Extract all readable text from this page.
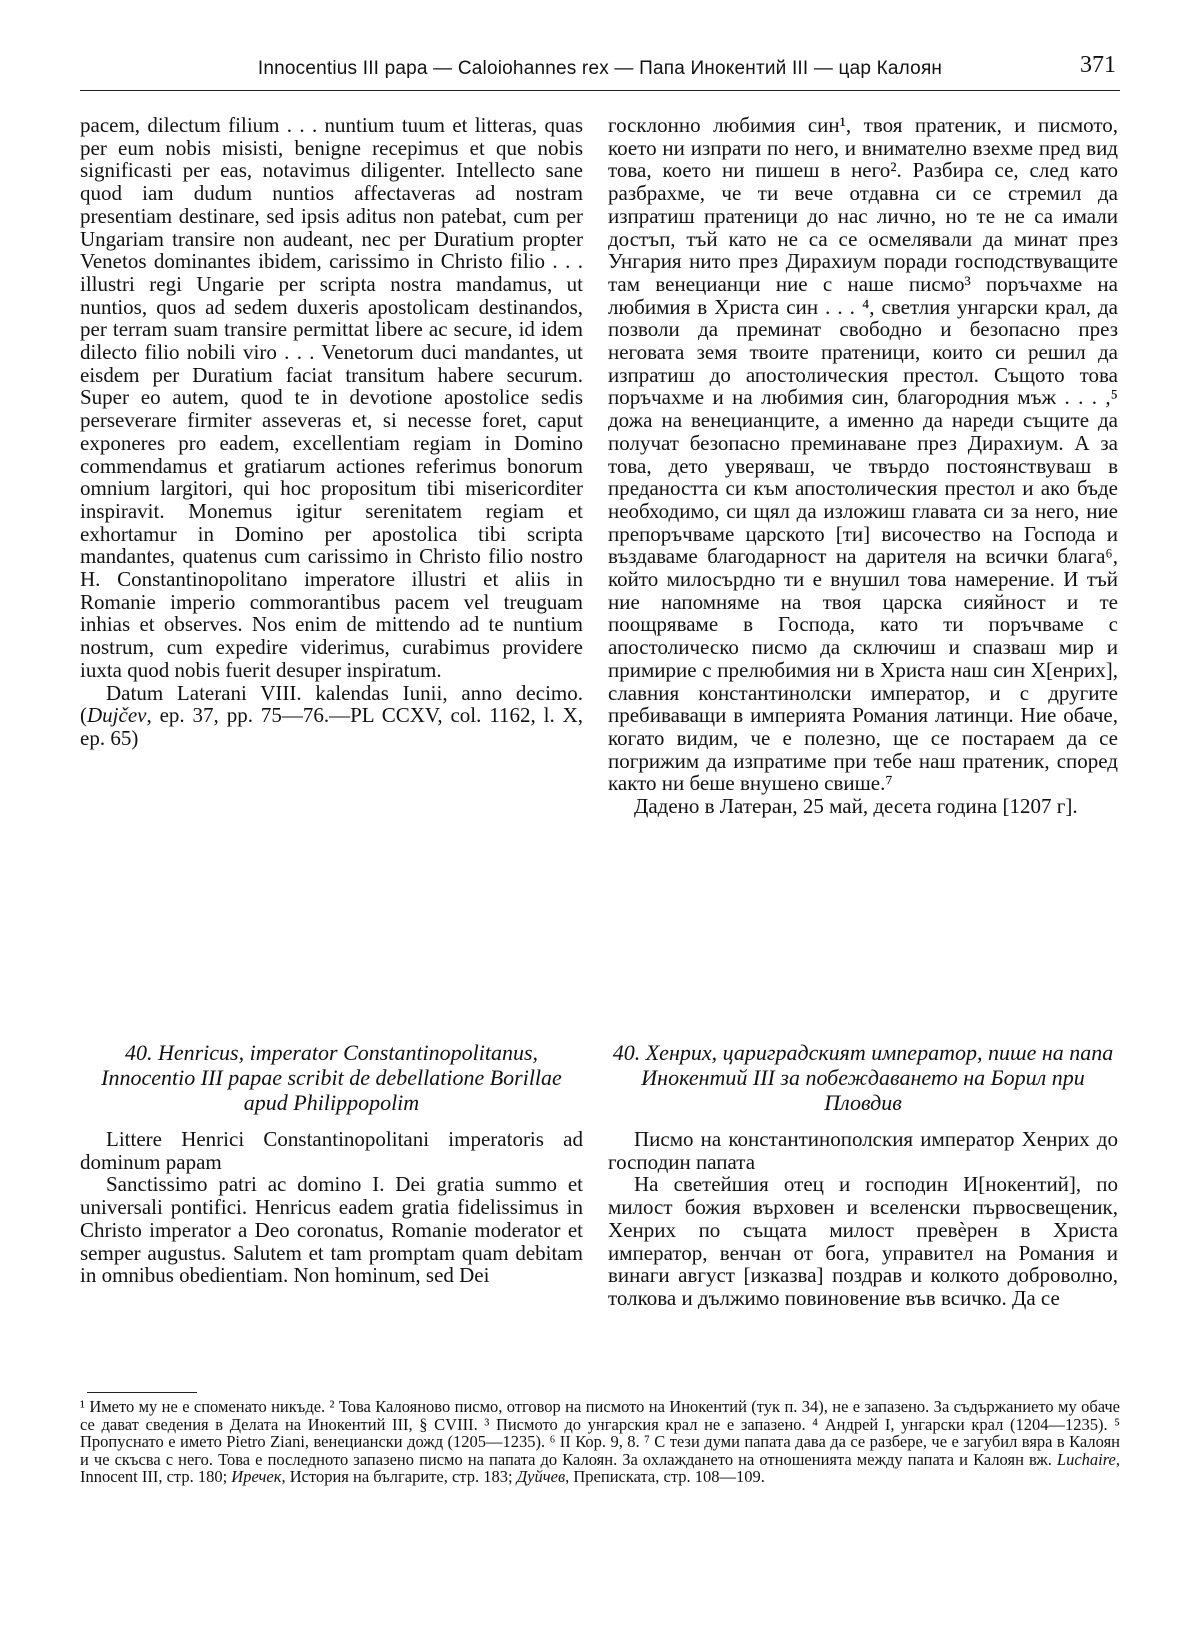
Innocentius III papa — Caloiohannes rex — Папа Инокентий III — цар Калоян	371

pacem, dilectum filium . . . nuntium tuum et litteras, quas per eum nobis misisti, benigne recepimus et que nobis significasti per eas, notavimus diligenter. Intellecto sane quod iam dudum nuntios affectaveras ad nostram presentiam destinare, sed ipsis aditus non patebat, cum per Ungariam transire non audeant, nec per Duratium propter Venetos dominantes ibidem, carissimo in Christo filio . . . illustri regi Ungarie per scripta nostra mandamus, ut nuntios, quos ad sedem duxeris apostolicam destinandos, per terram suam transire permittat libere ac secure, id idem dilecto filio nobili viro . . . Venetorum duci mandantes, ut eisdem per Duratium faciat transitum habere securum. Super eo autem, quod te in devotione apostolice sedis perseverare firmiter asseveras et, si necesse foret, caput exponeres pro eadem, excellentiam regiam in Domino commendamus et gratiarum actiones referimus bonorum omnium largitori, qui hoc propositum tibi misericorditer inspiravit. Monemus igitur serenitatem regiam et exhortamur in Domino per apostolica tibi scripta mandantes, quatenus cum carissimo in Christo filio nostro H. Constantinopolitano imperatore illustri et aliis in Romanie imperio commorantibus pacem vel treuguam inhias et observes. Nos enim de mittendo ad te nuntium nostrum, cum expedire viderimus, curabimus providere iuxta quod nobis fuerit desuper inspiratum.

Datum Laterani VIII. kalendas Iunii, anno decimo. (Dujčev, ep. 37, pp. 75—76.—PL CCXV, col. 1162, l. X, ep. 65)

госклонно любимия син¹, твоя пратеник, и писмото, което ни изпрати по него, и внимателно взехме пред вид това, което ни пишеш в него². Разбира се, след като разбрахме, че ти вече отдавна си се стремил да изпратиш пратеници до нас лично, но те не са имали достъп, тъй като не са се осмелявали да минат през Унгария нито през Дирахиум поради господствуващите там венецианци ние с наше писмо³ поръчахме на любимия в Христа син . . . ⁴, светлия унгарски крал, да позволи да преминат свободно и безопасно през неговата земя твоите пратеници, които си решил да изпратиш до апостолическия престол. Същото това поръчахме и на любимия син, благородния мъж . . . ,⁵ дожа на венецианците, а именно да нареди същите да получат безопасно преминаване през Дирахиум. А за това, дето уверяваш, че твърдо постоянствуваш в предаността си към апостолическия престол и ако бъде необходимо, си щял да изложиш главата си за него, ние препоръчваме царското [ти] височество на Господа и въздаваме благодарност на дарителя на всички блага⁶, който милосърдно ти е внушил това намерение. И тъй ние напомняме на твоя царска сияйност и те поощряваме в Господа, като ти поръчваме с апостолическо писмо да сключиш и спазваш мир и примирие с прелюбимия ни в Христа наш син Х[енрих], славния константинолски император, и с другите пребиваващи в империята Романия латинци. Ние обаче, когато видим, че е полезно, ще се постараем да се погрижим да изпратиме при тебе наш пратеник, според както ни беше внушено свише.⁷

Дадено в Латеран, 25 май, десета година [1207 г].

40. Henricus, imperator Constantinopolitanus, Innocentio III papae scribit de debellatione Borillae apud Philippopolim
40. Хенрих, цариградският император, пише на папа Инокентий III за побеждаването на Борил при Пловдив

Littere Henrici Constantinopolitani imperatoris ad dominum papam

Sanctissimo patri ac domino I. Dei gratia summo et universali pontifici. Henricus eadem gratia fidelissimus in Christo imperator a Deo coronatus, Romanie moderator et semper augustus. Salutem et tam promptam quam debitam in omnibus obedientiam. Non hominum, sed Dei

Писмо на константинополския император Хенрих до господин папата

На светейшия отец и господин И[нокентий], по милост божия върховен и вселенски първосвещеник, Хенрих по същата милост превѐрен в Христа император, венчан от бога, управител на Романия и винаги август [изказва] поздрав и колкото доброволно, толкова и дължимо повиновение във всичко. Да се

¹ Името му не е споменато никъде. ² Това Калояново писмо, отговор на писмото на Инокентий (тук п. 34), не е запазено. За съдържанието му обаче се дават сведения в Делата на Инокентий III, § CVIII. ³ Писмото до унгарския крал не е запазено. ⁴ Андрей I, унгарски крал (1204—1235). ⁵ Пропуснато е името Pietro Ziani, венециански дожд (1205—1235). ⁶ II Кор. 9, 8. ⁷ С тези думи папата дава да се разбере, че е загубил вяра в Калоян и че скъсва с него. Това е последното запазено писмо на папата до Калоян. За охлаждането на отношенията между папата и Калоян вж. Luchaire, Innocent III, стр. 180; Иречек, История на българите, стр. 183; Дуйчев, Преписката, стр. 108—109.
